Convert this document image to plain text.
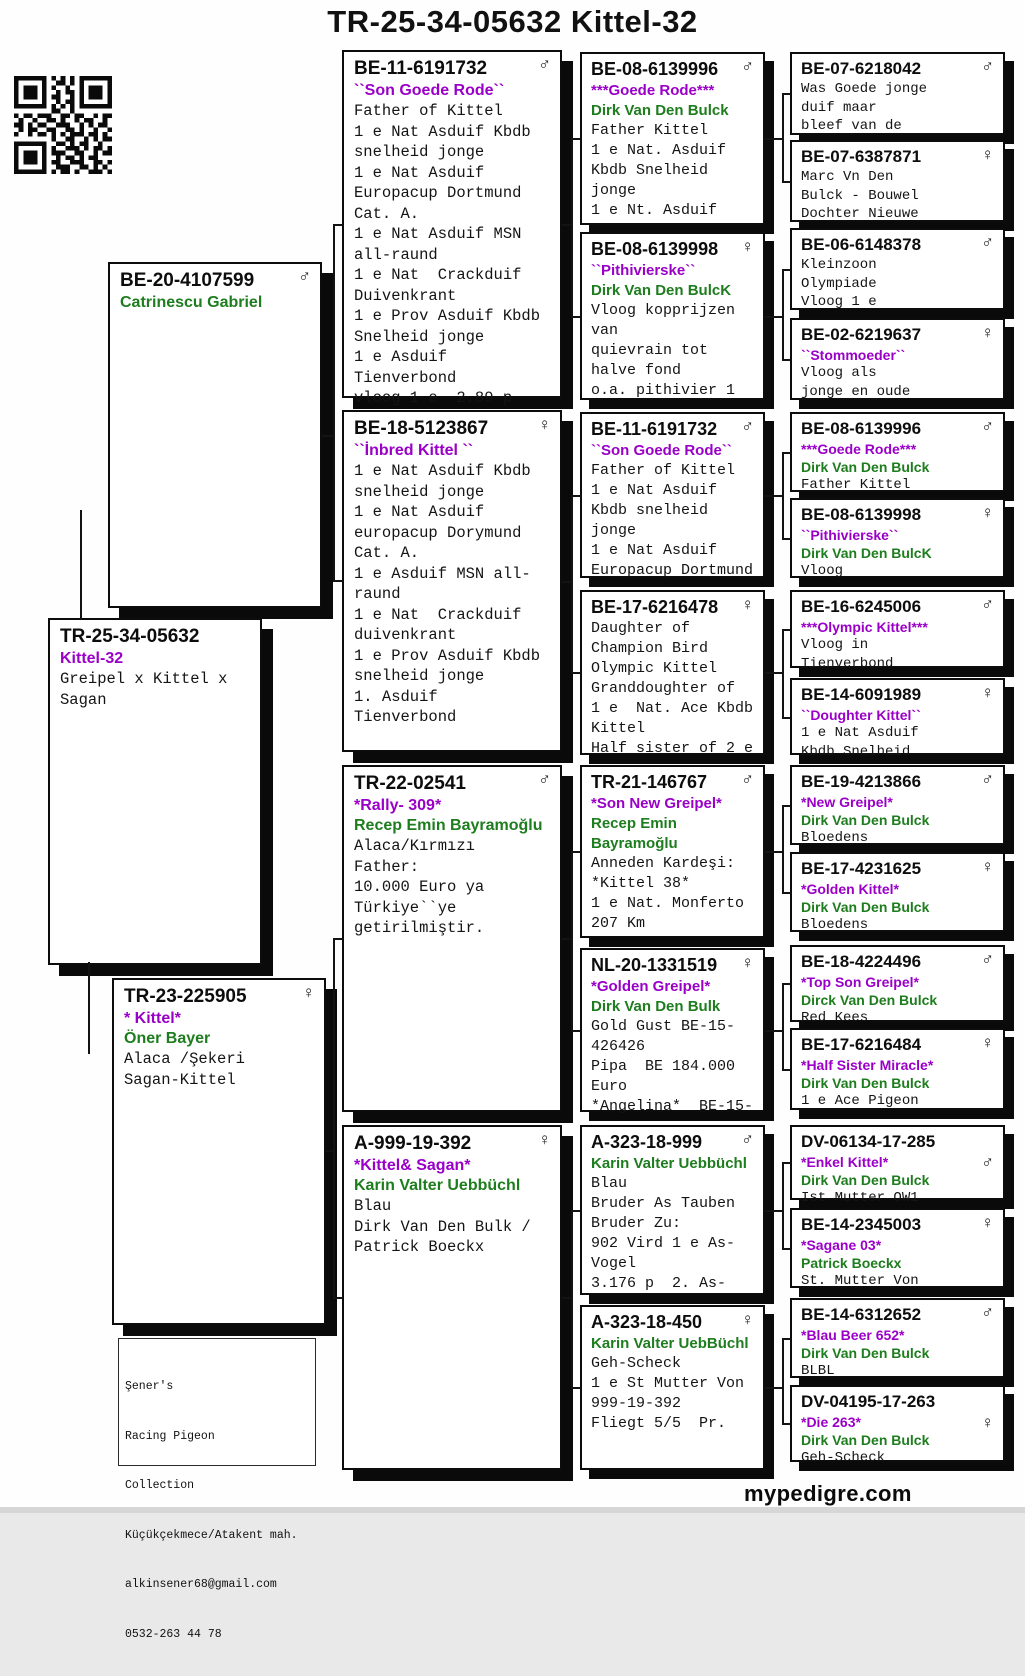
TR-25-34-05632 Kittel-32
BE-20-4107599	♂
Catrinescu Gabriel
TR-25-34-05632
Kittel-32
Greipel x Kittel x
Sagan
TR-23-225905	♀
* Kittel*
Öner Bayer
Alaca /Şekeri
Sagan-Kittel
BE-11-6191732	♂
``Son Goede Rode``
Father of Kittel
1 e Nat Asduif Kbdb
snelheid jonge
1 e Nat Asduif
Europacup Dortmund
Cat. A.
1 e Nat Asduif MSN
all-raund
1 e Nat  Crackduif
Duivenkrant
1 e Prov Asduif Kbdb
Snelheid jonge
1 e Asduif
Tienverbond
vloog 1 e  2.89 p
BE-18-5123867	♀
``İnbred Kittel ``
1 e Nat Asduif Kbdb
snelheid jonge
1 e Nat Asduif
europacup Dorymund
Cat. A.
1 e Asduif MSN all-
raund
1 e Nat  Crackduif
duivenkrant
1 e Prov Asduif Kbdb
snelheid jonge
1. Asduif
Tienverbond
TR-22-02541	♂
*Rally- 309*
Recep Emin Bayramoğlu
Alaca/Kırmızı
Father:
10.000 Euro ya
Türkiye``ye
getirilmiştir.
A-999-19-392	♀
*Kittel& Sagan*
Karin Valter Uebbüchl
Blau
Dirk Van Den Bulk /
Patrick Boeckx
BE-08-6139996	♂
***Goede Rode***
Dirk Van Den Bulck
Father Kittel
1 e Nat. Asduif
Kbdb Snelheid
jonge
1 e Nt. Asduif
BE-08-6139998	♀
``Pithivierske``
Dirk Van Den BulcK
Vloog kopprijzen
van
quievrain tot
halve fond
o.a. pithivier 1
BE-11-6191732	♂
``Son Goede Rode``
Father of Kittel
1 e Nat Asduif
Kbdb snelheid
jonge
1 e Nat Asduif
Europacup Dortmund
BE-17-6216478	♀
Daughter of
Champion Bird
Olympic Kittel
Granddoughter of
1 e  Nat. Ace Kbdb
Kittel
Half sister of 2 e
TR-21-146767	♂
*Son New Greipel*
Recep Emin Bayramoğlu
Anneden Kardeşi:
*Kittel 38*
1 e Nat. Monferto
207 Km
NL-20-1331519	♀
*Golden Greipel*
Dirk Van Den Bulk
Gold Gust BE-15-
426426
Pipa  BE 184.000
Euro
*Angelina*  BE-15-
A-323-18-999	♂
Karin Valter Uebbüchl
Blau
Bruder As Tauben
Bruder Zu:
902 Vird 1 e As-
Vogel
3.176 p  2. As-
A-323-18-450	♀
Karin Valter UebBüchl
Geh-Scheck
1 e St Mutter Von
999-19-392
Fliegt 5/5  Pr.
BE-07-6218042	♂
Was Goede jonge
duif maar
bleef van de
BE-07-6387871	♀
Marc Vn Den
Bulck - Bouwel
Dochter Nieuwe
BE-06-6148378	♂
Kleinzoon
Olympiade
Vloog 1 e
BE-02-6219637	♀
``Stommoeder``
Vloog als
jonge en oude
BE-08-6139996	♂
***Goede Rode***
Dirk Van Den Bulck
Father Kittel
BE-08-6139998	♀
``Pithivierske``
Dirk Van Den BulcK
Vloog
BE-16-6245006	♂
***Olympic Kittel***
Vloog in
Tienverbond
BE-14-6091989	♀
``Doughter Kittel``
1 e Nat Asduif
Kbdb Snelheid
BE-19-4213866	♂
*New Greipel*
Dirk Van Den Bulck
Bloedens
BE-17-4231625	♀
*Golden Kittel*
Dirk Van Den Bulck
Bloedens
BE-18-4224496	♂
*Top Son Greipel*
Dirck Van Den Bulck
Red Kees
BE-17-6216484	♀
*Half Sister Miracle*
Dirk Van Den Bulck
1 e Ace Pigeon
DV-06134-17-285
♂
*Enkel Kittel*
Dirk Van Den Bulck
Ist Mutter OW1
BE-14-2345003	♀
*Sagane 03*
Patrick Boeckx
St. Mutter Von
BE-14-6312652	♂
*Blau Beer 652*
Dirk Van Den Bulck
BLBL
DV-04195-17-263
♀
*Die 263*
Dirk Van Den Bulck
Geh-Scheck

Şener's

Racing Pigeon

Collection

Küçükçekmece/Atakent mah.

alkinsener68@gmail.com

0532-263 44 78

mypedigre.com
